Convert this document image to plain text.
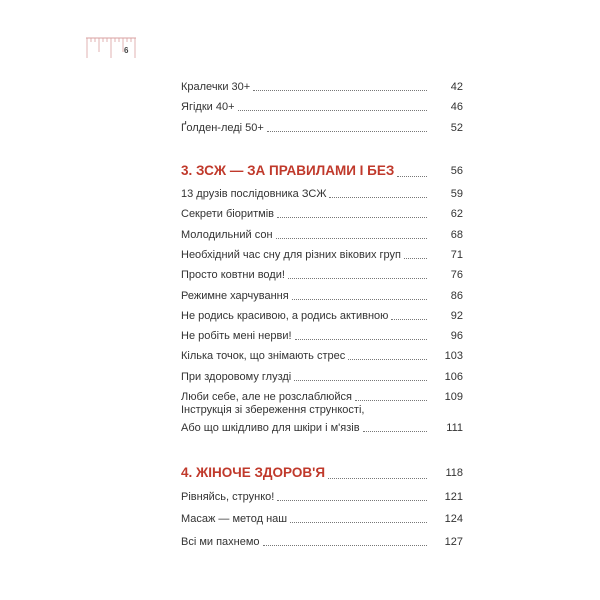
6
Кралечки 30+	42
Ягідки 40+	46
Ґолден-леді 50+	52
3. ЗСЖ — ЗА ПРАВИЛАМИ І БЕЗ	56
13 друзів послідовника ЗСЖ	59
Секрети біоритмів	62
Молодильний сон	68
Необхідний час сну для різних вікових груп	71
Просто ковтни води!	76
Режимне харчування	86
Не родись красивою, а родись активною	92
Не робіть мені нерви!	96
Кілька точок, що знімають стрес	103
При здоровому глузді	106
Люби себе, але не розслаблюйся	109
Інструкція зі збереження стрункості,
Або що шкідливо для шкіри і м'язів	111
4. ЖІНОЧЕ ЗДОРОВ'Я	118
Рівняйсь, струнко!	121
Масаж — метод наш	124
Всі ми пахнемо	127
